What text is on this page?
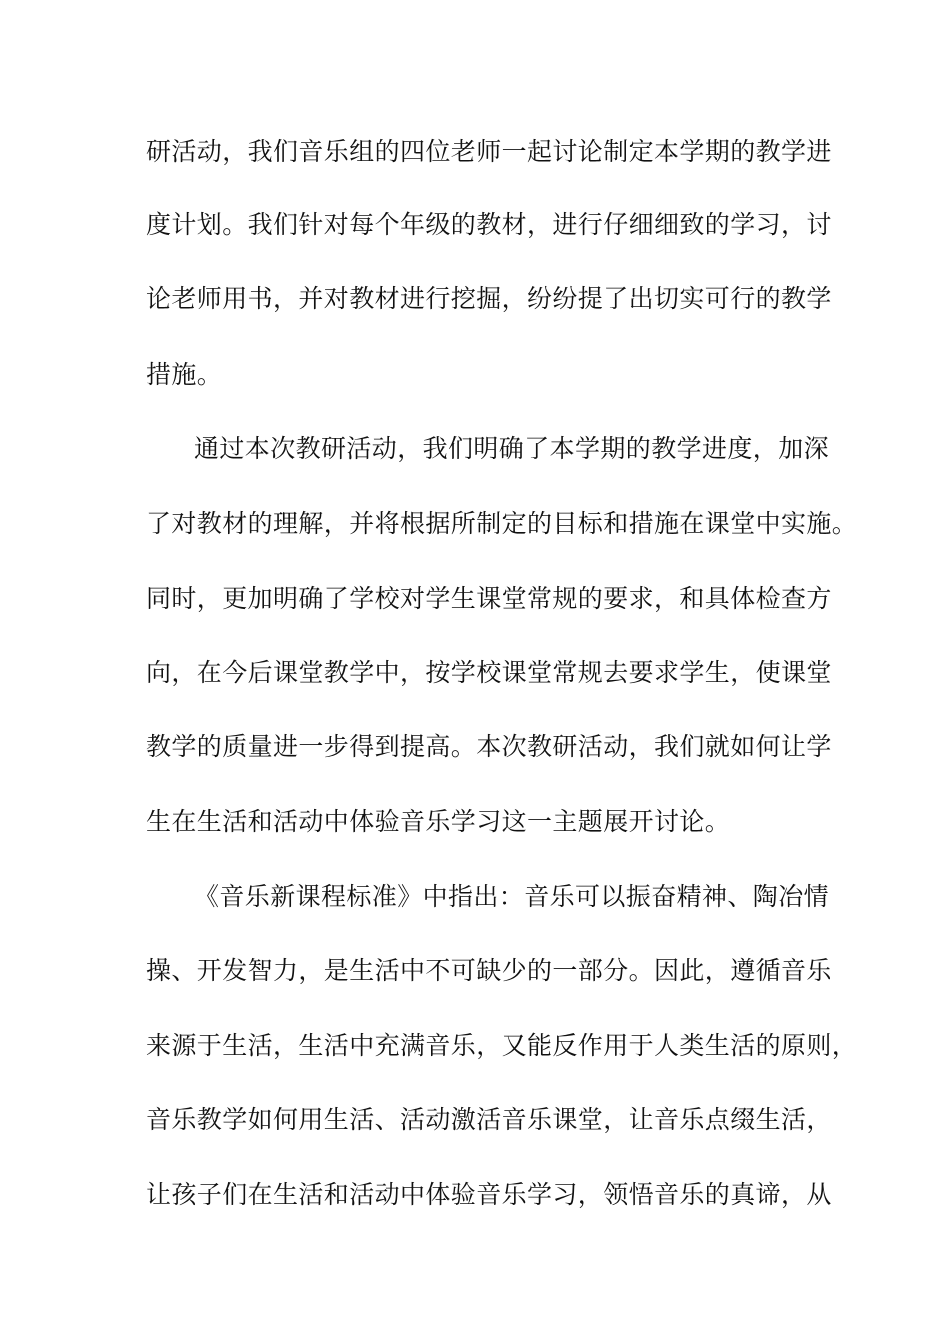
研活动，我们音乐组的四位老师一起讨论制定本学期的教学进
度计划。我们针对每个年级的教材，进行仔细细致的学习，讨
论老师用书，并对教材进行挖掘，纷纷提了出切实可行的教学
措施。
通过本次教研活动，我们明确了本学期的教学进度，加深
了对教材的理解，并将根据所制定的目标和措施在课堂中实施。
同时，更加明确了学校对学生课堂常规的要求，和具体检查方
向，在今后课堂教学中，按学校课堂常规去要求学生，使课堂
教学的质量进一步得到提高。本次教研活动，我们就如何让学
生在生活和活动中体验音乐学习这一主题展开讨论。
《音乐新课程标准》中指出：音乐可以振奋精神、陶冶情
操、开发智力，是生活中不可缺少的一部分。因此，遵循音乐
来源于生活，生活中充满音乐，又能反作用于人类生活的原则，
音乐教学如何用生活、活动激活音乐课堂，让音乐点缀生活，
让孩子们在生活和活动中体验音乐学习，领悟音乐的真谛，从
